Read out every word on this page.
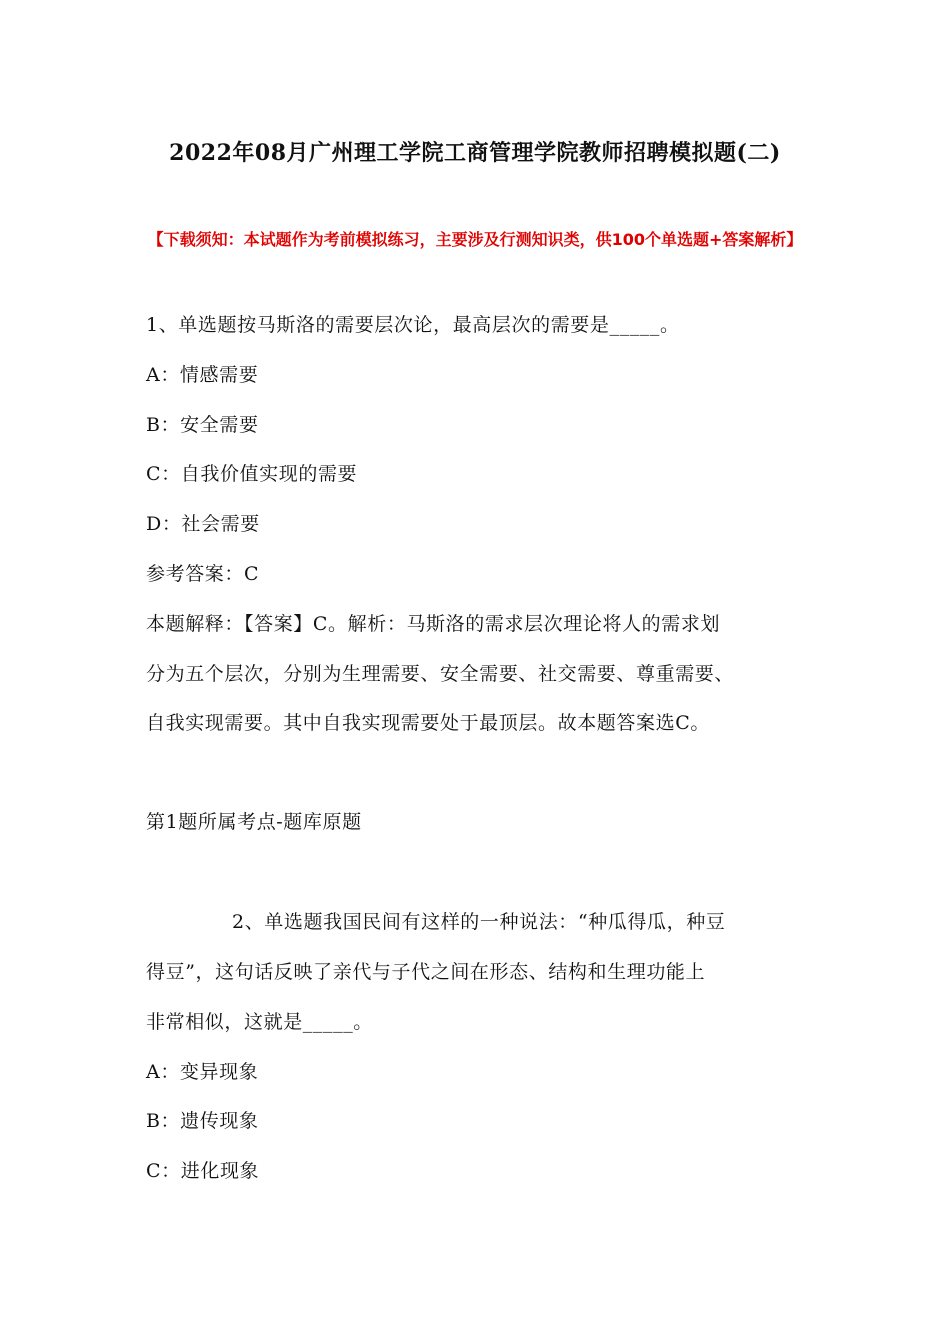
2022年08月广州理工学院工商管理学院教师招聘模拟题(二)
【下载须知：本试题作为考前模拟练习，主要涉及行测知识类，供100个单选题+答案解析】
1、单选题按马斯洛的需要层次论，最高层次的需要是_____。
A：情感需要
B：安全需要
C：自我价值实现的需要
D：社会需要
参考答案：C
本题解释：【答案】C。解析：马斯洛的需求层次理论将人的需求划
分为五个层次，分别为生理需要、安全需要、社交需要、尊重需要、
自我实现需要。其中自我实现需要处于最顶层。故本题答案选C。
第1题所属考点-题库原题
2、单选题我国民间有这样的一种说法：“种瓜得瓜，种豆
得豆”，这句话反映了亲代与子代之间在形态、结构和生理功能上
非常相似，这就是_____。
A：变异现象
B：遗传现象
C：进化现象
